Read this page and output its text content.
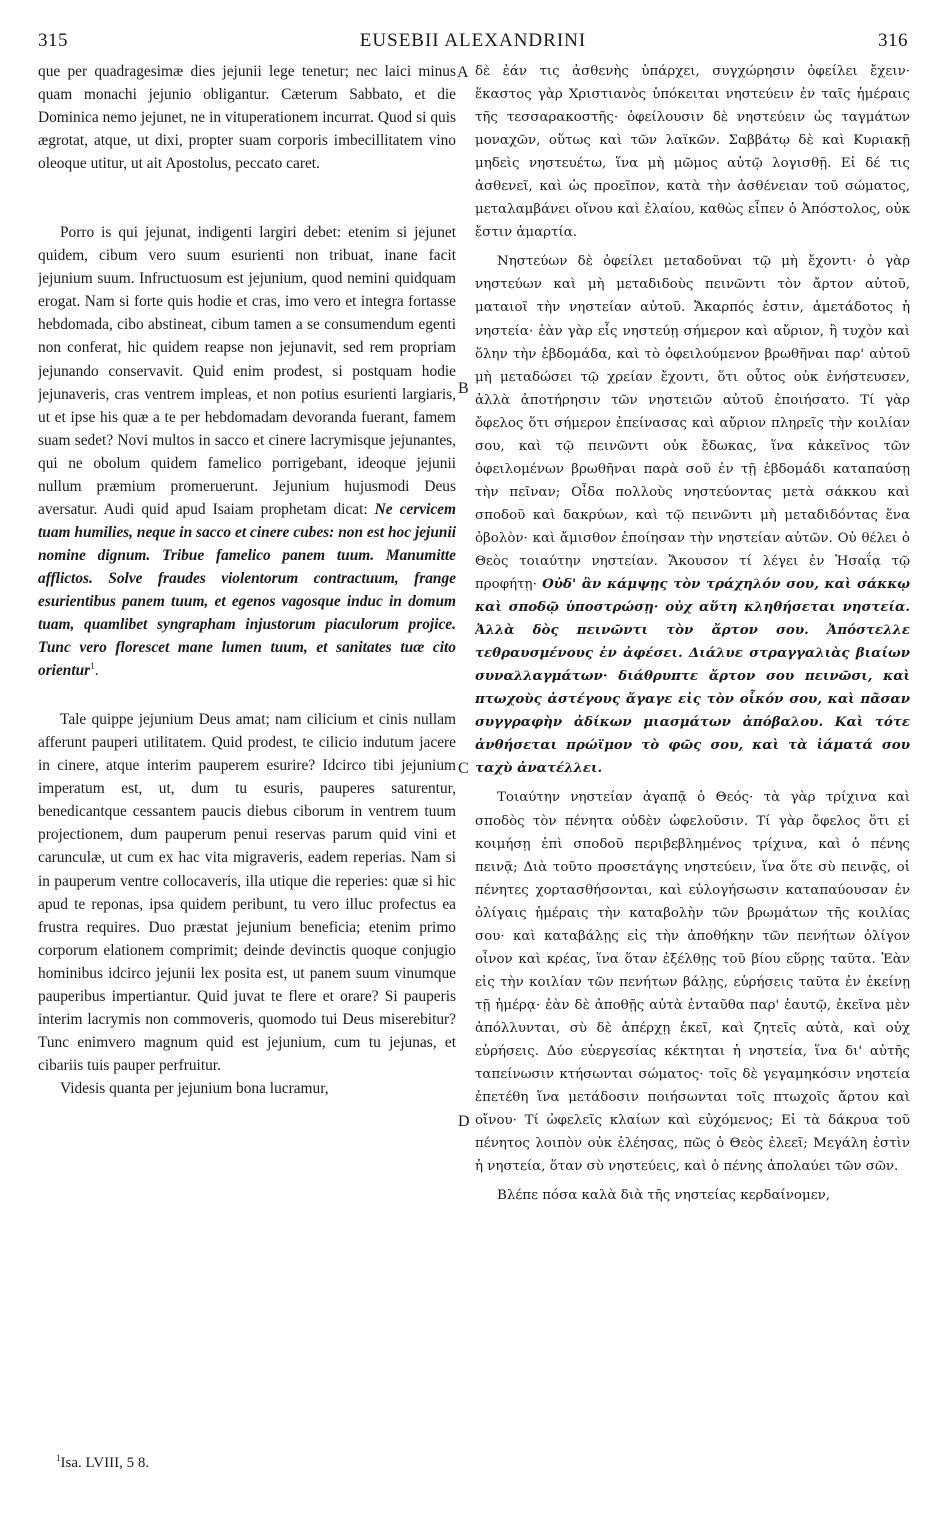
315	EUSEBII ALEXANDRINI	316

que per quadragesimæ dies jejunii lege tenetur; nec laici minus quam monachi jejunio obligantur. Cæterum Sabbato, et die Dominica nemo jejunet, ne in vituperationem incurrat. Quod si quis ægrotat, atque, ut dixi, propter suam corporis imbecillitatem vino oleoque utitur, ut ait Apostolus, peccato caret.

Porro is qui jejunat, indigenti largiri debet: etenim si jejunet quidem, cibum vero suum esurienti non tribuat, inane facit jejunium suum. Infructuosum est jejunium, quod nemini quidquam erogat. Nam si forte quis hodie et cras, imo vero et integra fortasse hebdomada, cibo abstineat, cibum tamen a se consumendum egenti non conferat, hic quidem reapse non jejunavit, sed rem propriam jejunando conservavit. Quid enim prodest, si postquam hodie jejunaveris, cras ventrem impleas, et non potius esurienti largiaris, ut et ipse his quæ a te per hebdomadam devoranda fuerant, famem suam sedet? Novi multos in sacco et cinere lacrymisque jejunantes, qui ne obolum quidem famelico porrigebant, ideoque jejunii nullum præmium promeruerunt. Jejunium hujusmodi Deus aversatur. Audi quid apud Isaiam prophetam dicat: Ne cervicem tuam humilies, neque in sacco et cinere cubes: non est hoc jejunii nomine dignum. Tribue famelico panem tuum. Manumitte afflictos. Solve fraudes violentorum contractuum, frange esurientibus panem tuum, et egenos vagosque induc in domum tuam, quamlibet syngrapham injustorum piaculorum projice. Tunc vero florescet mane lumen tuum, et sanitates tuæ cito orientur$^1$.

Tale quippe jejunium Deus amat; nam cilicium et cinis nullam afferunt pauperi utilitatem. Quid prodest, te cilicio indutum jacere in cinere, atque interim pauperem esurire? Idcirco tibi jejunium imperatum est, ut, dum tu esuris, pauperes saturentur, benedicantque cessantem paucis diebus ciborum in ventrem tuum projectionem, dum pauperum penui reservas parum quid vini et carunculæ, ut cum ex hac vita migraveris, eadem reperias. Nam si in pauperum ventre collocaveris, illa utique die reperies: quæ si hic apud te reponas, ipsa quidem peribunt, tu vero illuc profectus ea frustra requires. Duo præstat jejunium beneficia; etenim primo corporum elationem comprimit; deinde devinctis quoque conjugio hominibus idcirco jejunii lex posita est, ut panem suum vinumque pauperibus impertiantur. Quid juvat te flere et orare? Si pauperis interim lacrymis non commoveris, quomodo tui Deus miserebitur? Tunc enimvero magnum quid est jejunium, cum tu jejunas, et cibariis tuis pauper perfruitur.

Videsis quanta per jejunium bona lucramur,

A
B
C
D

δὲ ἐάν τις ἀσθενὴς ὑπάρχει, συγχώρησιν ὀφείλει ἔχειν· ἕκαστος γὰρ Χριστιανὸς ὑπόκειται νηστεύειν ἐν ταῖς ἡμέραις τῆς τεσσαρακοστῆς· ὀφείλουσιν δὲ νηστεύειν ὡς ταγμάτων μοναχῶν, οὕτως καὶ τῶν λαϊκῶν. Σαββάτῳ δὲ καὶ Κυριακῇ μηδεὶς νηστευέτω, ἵνα μὴ μῶμος αὐτῷ λογισθῇ. Εἰ δέ τις ἀσθενεῖ, καὶ ὡς προεῖπον, κατὰ τὴν ἀσθένειαν τοῦ σώματος, μεταλαμβάνει οἴνου καὶ ἐλαίου, καθὼς εἶπεν ὁ Ἀπόστολος, οὐκ ἔστιν ἁμαρτία.

Νηστεύων δὲ ὀφείλει μεταδοῦναι τῷ μὴ ἔχοντι· ὁ γὰρ νηστεύων καὶ μὴ μεταδιδοὺς πεινῶντι τὸν ἄρτον αὐτοῦ, ματαιοῖ τὴν νηστείαν αὐτοῦ. Ἄκαρπός ἐστιν, ἀμετάδοτος ἡ νηστεία· ἐὰν γὰρ εἷς νηστεύῃ σήμερον καὶ αὔριον, ἢ τυχὸν καὶ ὅλην τὴν ἑβδομάδα, καὶ τὸ ὀφειλούμενον βρωθῆναι παρ' αὐτοῦ μὴ μεταδώσει τῷ χρείαν ἔχοντι, ὅτι οὗτος οὐκ ἐνήστευσεν, ἀλλὰ ἀποτήρησιν τῶν νηστειῶν αὐτοῦ ἐποιήσατο. Τί γὰρ ὄφελος ὅτι σήμερον ἐπείνασας καὶ αὔριον πληρεῖς τὴν κοιλίαν σου, καὶ τῷ πεινῶντι οὐκ ἔδωκας, ἵνα κἀκεῖνος τῶν ὀφειλομένων βρωθῆναι παρὰ σοῦ ἐν τῇ ἑβδομάδι καταπαύσῃ τὴν πεῖναν; Οἶδα πολλοὺς νηστεύοντας μετὰ σάκκου καὶ σποδοῦ καὶ δακρύων, καὶ τῷ πεινῶντι μὴ μεταδιδόντας ἕνα ὀβολὸν· καὶ ἄμισθον ἐποίησαν τὴν νηστείαν αὐτῶν. Οὐ θέλει ὁ Θεὸς τοιαύτην νηστείαν. Ἄκουσον τί λέγει ἐν Ἡσαΐᾳ τῷ προφήτῃ· Οὐδ' ἂν κάμψῃς τὸν τράχηλόν σου, καὶ σάκκῳ καὶ σποδῷ ὑποστρώσῃ· οὐχ αὕτη κληθήσεται νηστεία. Ἀλλὰ δὸς πεινῶντι τὸν ἄρτον σου. Ἀπόστελλε τεθραυσμένους ἐν ἀφέσει. Διάλυε στραγγαλιὰς βιαίων συναλλαγμάτων· διάθρυπτε ἄρτον σου πεινῶσι, καὶ πτωχοὺς ἀστέγους ἄγαγε εἰς τὸν οἶκόν σου, καὶ πᾶσαν συγγραφὴν ἀδίκων μιασμάτων ἀπόβαλου. Καὶ τότε ἀνθήσεται πρώϊμον τὸ φῶς σου, καὶ τὰ ἰάματά σου ταχὺ ἀνατέλλει.

Τοιαύτην νηστείαν ἀγαπᾷ ὁ Θεός· τὰ γὰρ τρίχινα καὶ σποδὸς τὸν πένητα οὐδὲν ὠφελοῦσιν. Τί γὰρ ὄφελος ὅτι εἰ κοιμήσῃ ἐπὶ σποδοῦ περιβεβλημένος τρίχινα, καὶ ὁ πένης πεινᾷ; Διὰ τοῦτο προσετάγης νηστεύειν, ἵνα ὅτε σὺ πεινᾷς, οἱ πένητες χορτασθήσονται, καὶ εὐλογήσωσιν καταπαύουσαν ἐν ὀλίγαις ἡμέραις τὴν καταβολὴν τῶν βρωμάτων τῆς κοιλίας σου· καὶ καταβάλῃς εἰς τὴν ἀποθήκην τῶν πενήτων ὀλίγον οἶνον καὶ κρέας, ἵνα ὅταν ἐξέλθῃς τοῦ βίου εὕρῃς ταῦτα. Ἐὰν εἰς τὴν κοιλίαν τῶν πενήτων βάλῃς, εὑρήσεις ταῦτα ἐν ἐκείνῃ τῇ ἡμέρᾳ· ἐὰν δὲ ἀποθῇς αὐτὰ ἐνταῦθα παρ' ἑαυτῷ, ἐκεῖνα μὲν ἀπόλλυνται, σὺ δὲ ἀπέρχῃ ἐκεῖ, καὶ ζητεῖς αὐτὰ, καὶ οὐχ εὑρήσεις. Δύο εὐεργεσίας κέκτηται ἡ νηστεία, ἵνα δι' αὐτῆς ταπείνωσιν κτήσωνται σώματος· τοῖς δὲ γεγαμηκόσιν νηστεία ἐπετέθη ἵνα μετάδοσιν ποιήσωνται τοῖς πτωχοῖς ἄρτου καὶ οἴνου· Τί ὠφελεῖς κλαίων καὶ εὐχόμενος; Εἰ τὰ δάκρυα τοῦ πένητος λοιπὸν οὐκ ἐλέησας, πῶς ὁ Θεὸς ἐλεεῖ; Μεγάλη ἐστὶν ἡ νηστεία, ὅταν σὺ νηστεύεις, καὶ ὁ πένης ἀπολαύει τῶν σῶν.

Βλέπε πόσα καλὰ διὰ τῆς νηστείας κερδαίνομεν,

$^1$Isa. LVIII, 5 8.
